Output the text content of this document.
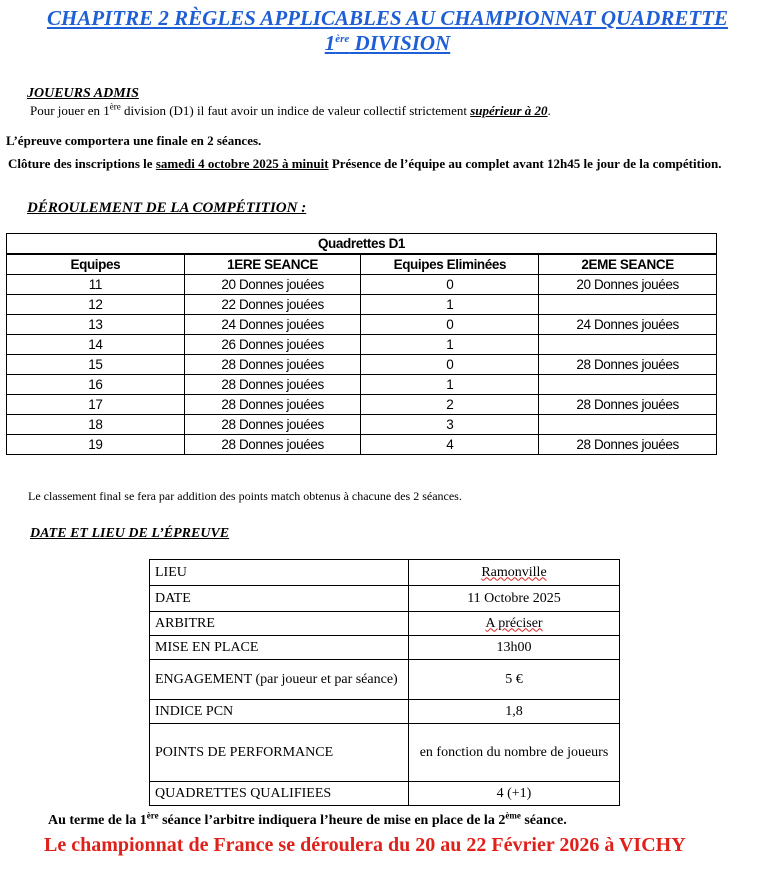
CHAPITRE 2 RÈGLES APPLICABLES AU CHAMPIONNAT QUADRETTE
1ère DIVISION
JOUEURS ADMIS
Pour jouer en 1ère division (D1) il faut avoir un indice de valeur collectif strictement supérieur à 20.
L’épreuve comportera une finale en 2 séances.
Clôture des inscriptions le samedi 4 octobre 2025 à minuit Présence de l’équipe au complet avant 12h45 le jour de la compétition.
DÉROULEMENT DE LA COMPÉTITION :
Quadrettes D1			
Equipes	1ERE SEANCE	Equipes Eliminées	2EME SEANCE
11	20 Donnes jouées	0	20 Donnes jouées
12	22 Donnes jouées	1	
13	24 Donnes jouées	0	24 Donnes jouées
14	26 Donnes jouées	1	
15	28 Donnes jouées	0	28 Donnes jouées
16	28 Donnes jouées	1	
17	28 Donnes jouées	2	28 Donnes jouées
18	28 Donnes jouées	3	
19	28 Donnes jouées	4	28 Donnes jouées
Le classement final se fera par addition des points match obtenus à chacune des 2 séances.
DATE ET LIEU DE L’ÉPREUVE
LIEU	Ramonville
DATE	11 Octobre 2025
ARBITRE	A préciser
MISE EN PLACE	13h00
ENGAGEMENT (par joueur et par séance)	5 €
INDICE PCN	1,8
POINTS DE PERFORMANCE	en fonction du nombre de joueurs
QUADRETTES QUALIFIEES	4 (+1)
Au terme de la 1ère séance l’arbitre indiquera l’heure de mise en place de la 2ème séance.
Le championnat de France se déroulera du 20 au 22 Février 2026 à VICHY
